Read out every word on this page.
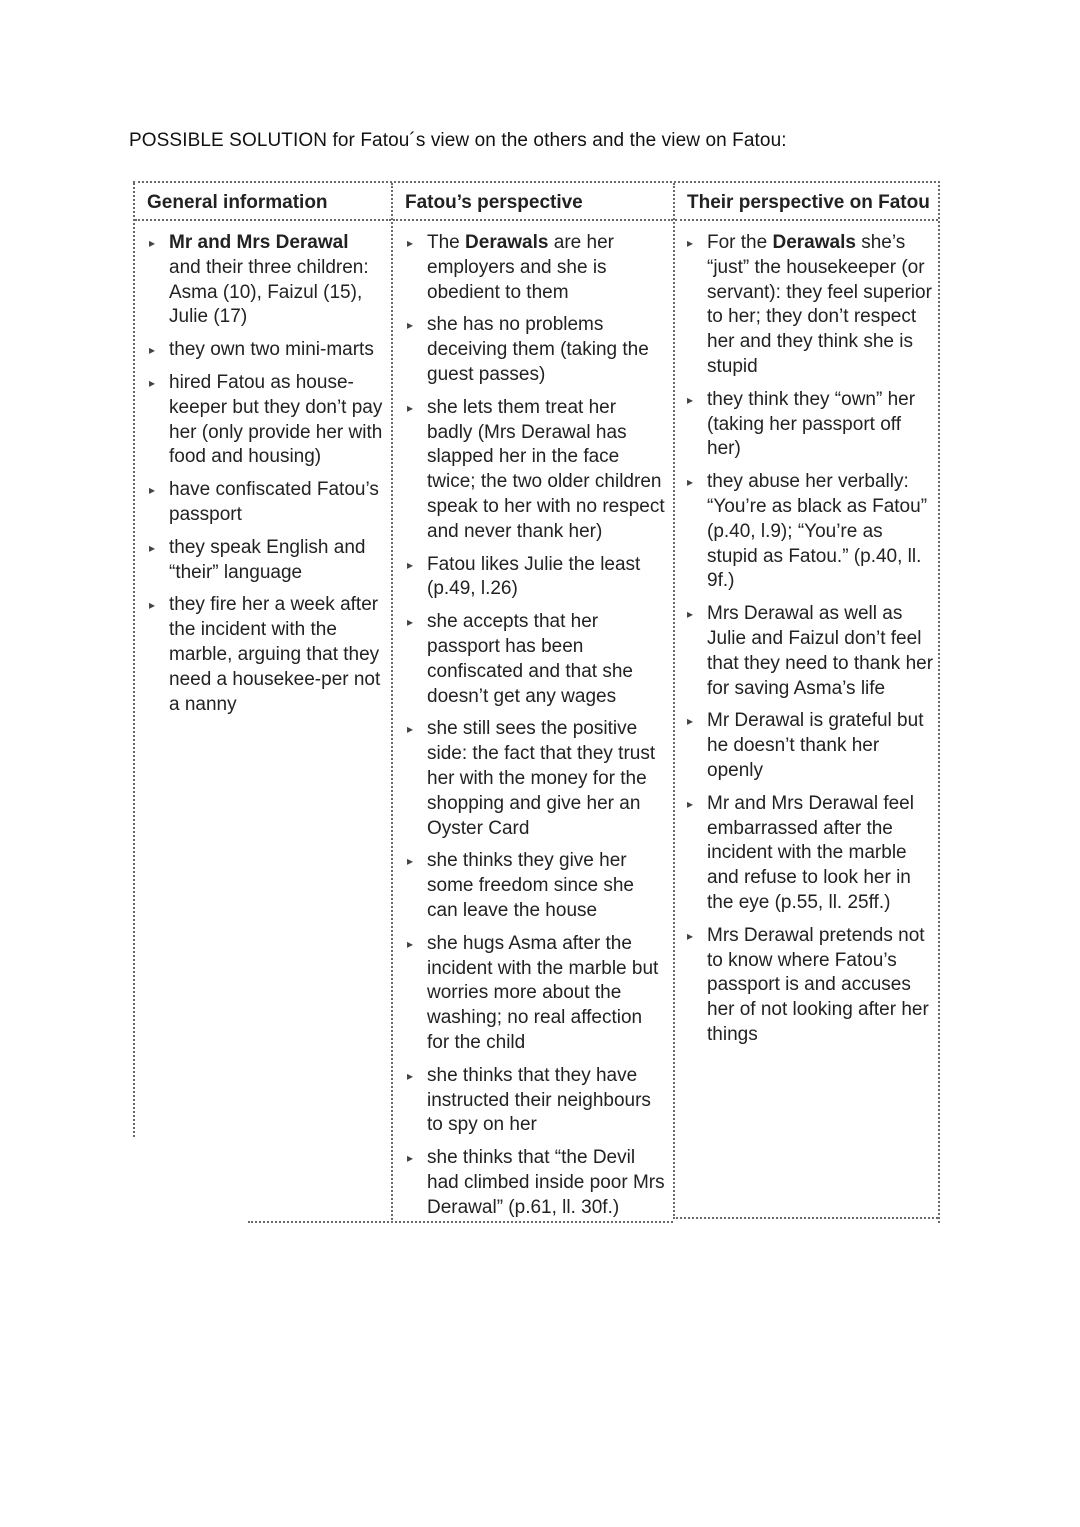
POSSIBLE SOLUTION for Fatou´s view on the others and the view on Fatou:
General information
▸ Mr and Mrs Derawal and their three children: Asma (10), Faizul (15), Julie (17)
▸ they own two mini-marts
▸ hired Fatou as house-keeper but they don’t pay her (only provide her with food and housing)
▸ have confiscated Fatou’s passport
▸ they speak English and “their” language
▸ they fire her a week after the incident with the marble, arguing that they need a housekee-per not a nanny
Fatou’s perspective
▸ The Derawals are her employers and she is obedient to them
▸ she has no problems deceiving them (taking the guest passes)
▸ she lets them treat her badly (Mrs Derawal has slapped her in the face twice; the two older children speak to her with no respect and never thank her)
▸ Fatou likes Julie the least (p.49, l.26)
▸ she accepts that her passport has been confiscated and that she doesn’t get any wages
▸ she still sees the positive side: the fact that they trust her with the money for the shopping and give her an Oyster Card
▸ she thinks they give her some freedom since she can leave the house
▸ she hugs Asma after the incident with the marble but worries more about the washing; no real affection for the child
▸ she thinks that they have instructed their neighbours to spy on her
▸ she thinks that “the Devil had climbed inside poor Mrs Derawal” (p.61, ll. 30f.)
Their perspective on Fatou
▸ For the Derawals she’s “just” the housekeeper (or servant): they feel superior to her; they don’t respect her and they think she is stupid
▸ they think they “own” her (taking her passport off her)
▸ they abuse her verbally: “You’re as black as Fatou” (p.40, l.9); “You’re as stupid as Fatou.” (p.40, ll. 9f.)
▸ Mrs Derawal as well as Julie and Faizul don’t feel that they need to thank her for saving Asma’s life
▸ Mr Derawal is grateful but he doesn’t thank her openly
▸ Mr and Mrs Derawal feel embarrassed after the incident with the marble and refuse to look her in the eye (p.55, ll. 25ff.)
▸ Mrs Derawal pretends not to know where Fatou’s passport is and accuses her of not looking after her things
